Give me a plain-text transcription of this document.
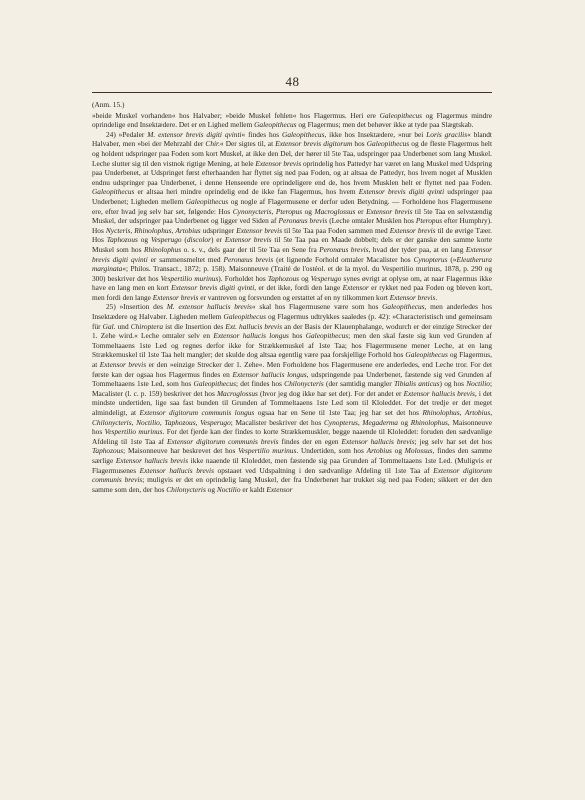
48

(Anm. 15.)

»beide Muskel vorhanden« hos Halvaber; »beide Muskel fehlen« hos Flagermus. Heri ere Galeopithecus og Flagermus mindre oprindelige end Insektædere. Det er en Lighed mellem Galeopithecus og Flagermus; men det behøver ikke at tyde paa Slægtskab.

24) »Pedaler M. extensor brevis digiti qvinti« findes hos Galeopithecus, ikke hos Insektædere, »nur bei Loris gracilis« blandt Halvaber, men »bei der Mehrzahl der Chir.« Der sigtes til, at Extensor brevis digitorum hos Galeopithecus og de fleste Flagermus helt og holdent udspringer paa Foden som kort Muskel, at ikke den Del, der hører til 5te Taa, udspringer paa Underbenet som lang Muskel. Leche slutter sig til den vistnok rigtige Mening, at hele Extensor brevis oprindelig hos Pattedyr har været en lang Muskel med Udspring paa Underbenet, at Udspringet først efterhaanden har flyttet sig ned paa Foden, og at altsaa de Pattedyr, hos hvem noget af Musklen endnu udspringer paa Underbenet, i denne Henseende ere oprindeligere end de, hos hvem Musklen helt er flyttet ned paa Foden. Galeopithecus er altsaa heri mindre oprindelig end de ikke fan Flagermus, hos hvem Extensor brevis digiti qvinti udspringer paa Underbenet; Ligheden mellem Galeopithecus og nogle af Flagermusene er derfor uden Betydning. — Forholdene hos Flagermusene ere, efter hvad jeg selv har set, følgende: Hos Cynonycteris, Pteropus og Macroglossus er Extensor brevis til 5te Taa en selvstændig Muskel, der udspringer paa Underbenet og ligger ved Siden af Peronæus brevis (Leche omtaler Musklen hos Pteropus efter Humphry). Hos Nycteris, Rhinolophus, Artobius udspringer Extensor brevis til 5te Taa paa Foden sammen med Extensor brevis til de øvrige Tæer. Hos Taphozous og Vesperugo (discolor) er Extensor brevis til 5te Taa paa en Maade dobbelt; dels er der ganske den samme korte Muskel som hos Rhinolophus o. s. v., dels gaar der til 5te Taa en Sene fra Peronæus brevis, hvad der tyder paa, at en lang Extensor brevis digiti qvinti er sammensmeltet med Peronæus brevis (et lignende Forhold omtaler Macalister hos Cynopterus (»Eleutherura marginata«; Philos. Transact., 1872; p. 158). Maisonneuve (Traité de l'ostéol. et de la myol. du Vespertilio murinus, 1878, p. 290 og 300) beskriver det hos Vespertilio murinus). Forholdet hos Taphozous og Vesperugo synes øvrigt at oplyse om, at naar Flagermus ikke have en lang men en kort Extensor brevis digiti qvinti, er det ikke, fordi den lange Extensor er rykket ned paa Foden og bleven kort, men fordi den lange Extensor brevis er vantreven og forsvunden og erstattet af en ny tilkommen kort Extensor brevis.

25) »Insertion des M. extensor hallucis brevis« skal hos Flagermusene være som hos Galeopithecus, men anderledes hos Insektædere og Halvaber. Ligheden mellem Galeopithecus og Flagermus udtrykkes saaledes (p. 42): »Characteristisch und gemeinsam für Gal. und Chiroptera ist die Insertion des Ext. hallucis brevis an der Basis der Klauenphalange, wodurch er der einzige Strecker der 1. Zehe wird.« Leche omtaler selv en Extensor hallucis longus hos Galeopithecus; men den skal fæste sig kun ved Grunden af Tommeltaaens 1ste Led og regnes derfor ikke for Strækkemuskel af 1ste Taa; hos Flagermusene mener Leche, at en lang Strækkemuskel til 1ste Taa helt mangler; det skulde dog altsaa egentlig være paa forskjellige Forhold hos Galeopithecus og Flagermus, at Extensor brevis er den »einzige Strecker der 1. Zehe«. Men Forholdene hos Flagermusene ere anderledes, end Leche tror. For det første kan der ogsaa hos Flagermus findes en Extensor hallucis longus, udspringende paa Underbenet, fæstende sig ved Grunden af Tommeltaaens 1ste Led, som hos Galeopithecus; det findes hos Chilonycteris (der samtidig mangler Tibialis anticus) og hos Noctilio; Macalister (l. c. p. 159) beskriver det hos Macroglossus (hvor jeg dog ikke har set det). For det andet er Extensor hallucis brevis, i det mindste undertiden, lige saa fast bunden til Grunden af Tommeltaaens 1ste Led som til Kloleddet. For det tredje er det meget almindeligt, at Extensor digitorum communis longus ogsaa har en Sene til 1ste Taa; jeg har set det hos Rhinolophus, Artobius, Chilonycteris, Noctilio, Taphozous, Vesperugo; Macalister beskriver det hos Cynopterus, Megaderma og Rhinolophus, Maisonneuve hos Vespertilio murinus. For det fjerde kan der findes to korte Strækkemuskler, begge naaende til Kloleddet: foruden den sædvanlige Afdeling til 1ste Taa af Extensor digitorum communis brevis findes der en egen Extensor hallucis brevis; jeg selv har set det hos Taphozous; Maisonneuve har beskrevet det hos Vespertilio murinus. Undertiden, som hos Artobius og Molossus, findes den samme særlige Extensor hallucis brevis ikke naaende til Kloleddet, men fæstende sig paa Grunden af Tommeltaaens 1ste Led. (Muligvis er Flagermusenes Extensor hallucis brevis opstaaet ved Udspaltning i den sædvanlige Afdeling til 1ste Taa af Extensor digitorum communis brevis; muligvis er det en oprindelig lang Muskel, der fra Underbenet har trukket sig ned paa Foden; sikkert er det den samme som den, der hos Chilonycteris og Noctilio er kaldt Extensor
